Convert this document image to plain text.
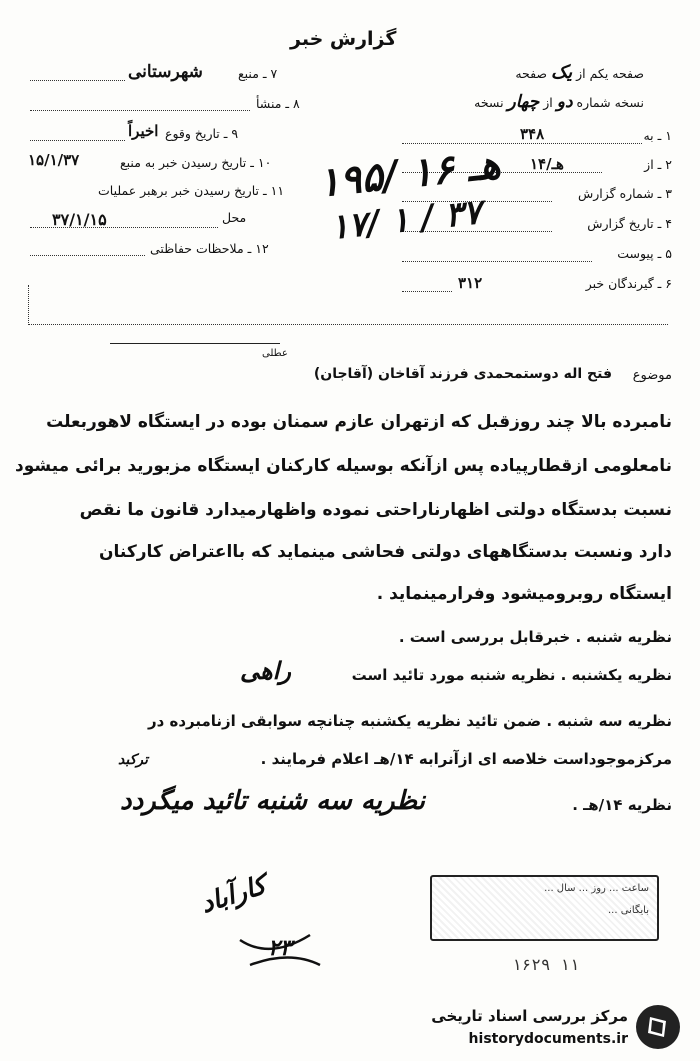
گزارش خبر
صفحه یکم از یک صفحه
نسخه شماره دو از چهار نسخه
۱ ـ به
۳۴۸
۲ ـ از
۱۴/هـ
۳ ـ شماره گزارش
۴ ـ تاریخ گزارش
۵ ـ پیوست
۶ ـ گیرندگان خبر
۳۱۲
۷ ـ منبع
شهرستانی
۸ ـ منشأ
۹ ـ تاریخ وقوع
اخیراً
۱۰ ـ تاریخ رسیدن خبر به منبع
۱۵/۱/۳۷
۱۱ ـ تاریخ رسیدن خبر برهبر عملیات
محل
۳۷/۱/۱۵
۱۲ ـ ملاحظات حفاظتی
۱۹۵/ ۱۶ هـ
۱۷/ ۱ / ۳۷
موضوع
فتح اله دوستمحمدی فرزند آقاخان (آقاجان)
عطلی
نامبرده بالا چند روزقبل که ازتهران عازم سمنان بوده در ایستگاه لاهوربعلت
نامعلومی ازقطارپیاده پس ازآنکه بوسیله کارکنان ایستگاه مزبورید برائی میشود
نسبت بدستگاه دولتی اظهارناراحتی نموده واظهارمیدارد قانون ما نقص
دارد ونسبت بدستگاههای دولتی فحاشی مینماید که بااعتراض کارکنان
ایستگاه روبرومیشود وفرارمینماید .
نظریه شنبه . خبرقابل بررسی است .
نظریه یکشنبه . نظریه شنبه مورد تائید است
راهی
نظریه سه شنبه . ضمن تائید نظریه یکشنبه چنانچه سوابقی ازنامبرده در
مرکزموجوداست خلاصه ای ازآنرابه ۱۴/هـ اعلام فرمایند .
ترکبد
نظریه ۱۴/هـ .
نظریه سه شنبه تائید میگردد
کارآباد
۲۳
ساعت ... روز ... سال ...
بایگانی ...
۱۶۲۹ ۱۱
مرکز بررسی اسناد تاریخی
historydocuments.ir
